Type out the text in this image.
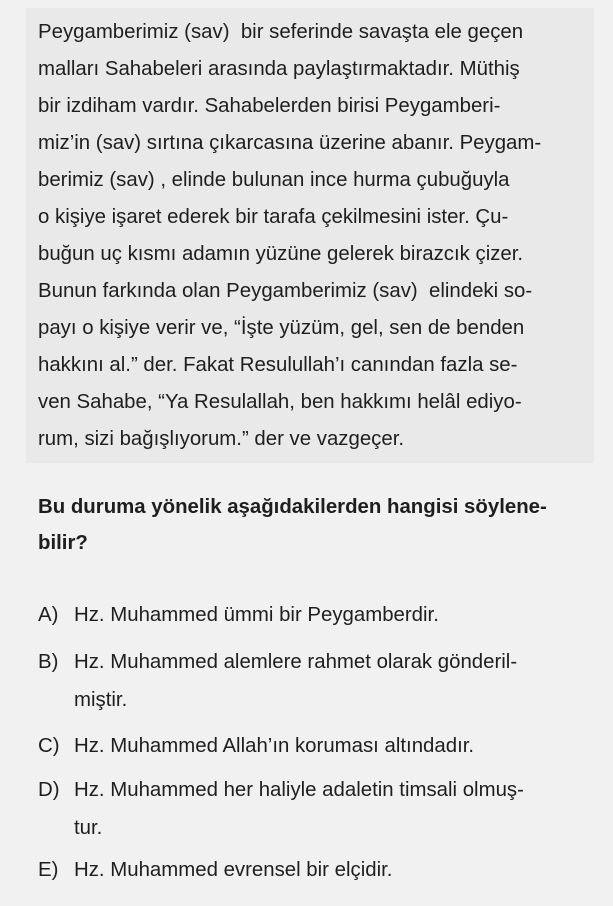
Peygamberimiz (sav)  bir seferinde savaşta ele geçen
malları Sahabeleri arasında paylaştırmaktadır. Müthiş
bir izdiham vardır. Sahabelerden birisi Peygamberi-
miz’in (sav) sırtına çıkarcasına üzerine abanır. Peygam-
berimiz (sav) , elinde bulunan ince hurma çubuğuyla
o kişiye işaret ederek bir tarafa çekilmesini ister. Çu-
buğun uç kısmı adamın yüzüne gelerek birazcık çizer.
Bunun farkında olan Peygamberimiz (sav)  elindeki so-
payı o kişiye verir ve, “İşte yüzüm, gel, sen de benden
hakkını al.” der. Fakat Resulullah’ı canından fazla se-
ven Sahabe, “Ya Resulallah, ben hakkımı helâl ediyo-
rum, sizi bağışlıyorum.” der ve vazgeçer.
Bu duruma yönelik aşağıdakilerden hangisi söylene-
bilir?
A) Hz. Muhammed ümmi bir Peygamberdir.
B) Hz. Muhammed alemlere rahmet olarak gönderil-
miştir.
C) Hz. Muhammed Allah’ın koruması altındadır.
D) Hz. Muhammed her haliyle adaletin timsali olmuş-
tur.
E) Hz. Muhammed evrensel bir elçidir.
